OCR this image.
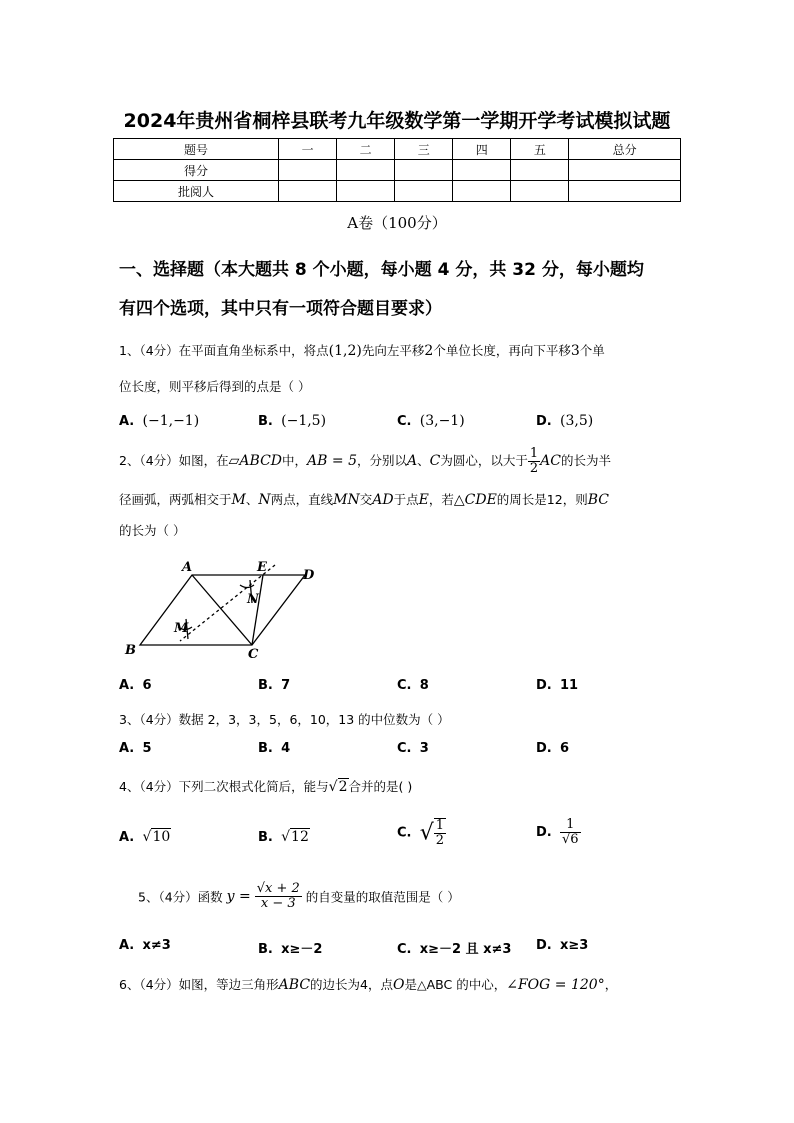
2024年贵州省桐梓县联考九年级数学第一学期开学考试模拟试题
题号	一	二	三	四	五	总分
得分						
批阅人						
A卷（100分）
一、选择题（本大题共 8 个小题，每小题 4 分，共 32 分，每小题均
有四个选项，其中只有一项符合题目要求）
1、（4分）在平面直角坐标系中，将点(1,2)先向左平移2个单位长度，再向下平移3个单
位长度，则平移后得到的点是（ ）
A. (−1,−1)	B. (−1,5)	C. (3,−1)	D. (3,5)
2、（4分）如图，在▱ABCD中，AB = 5，分别以A、C为圆心，以大于 $\frac{1}{2}$ AC的长为半
径画弧，两弧相交于M、N两点，直线MN交AD于点E，若△CDE的周长是12，则BC
的长为（ ）
A	E
D
N
M
B	C
A. 6	B. 7	C. 8	D. 11
3、（4分）数据 2，3，3，5，6，10，13 的中位数为（ ）
A. 5	B. 4	C. 3	D. 6
4、（4分）下列二次根式化简后，能与√2合并的是( )
A. √10	B. √12	C. √ $\frac{1}{2}$	D. $\frac{1}{√6}$
5、（4分）函数 $y = \frac{√x + 2}{x - 3}$ 的自变量的取值范围是（ ）
A. x≠3	B. x≥－2	C. x≥－2 且 x≠3 D. x≥3
6、（4分）如图，等边三角形ABC的边长为4，点O是△ABC 的中心，∠FOG = 120°，
